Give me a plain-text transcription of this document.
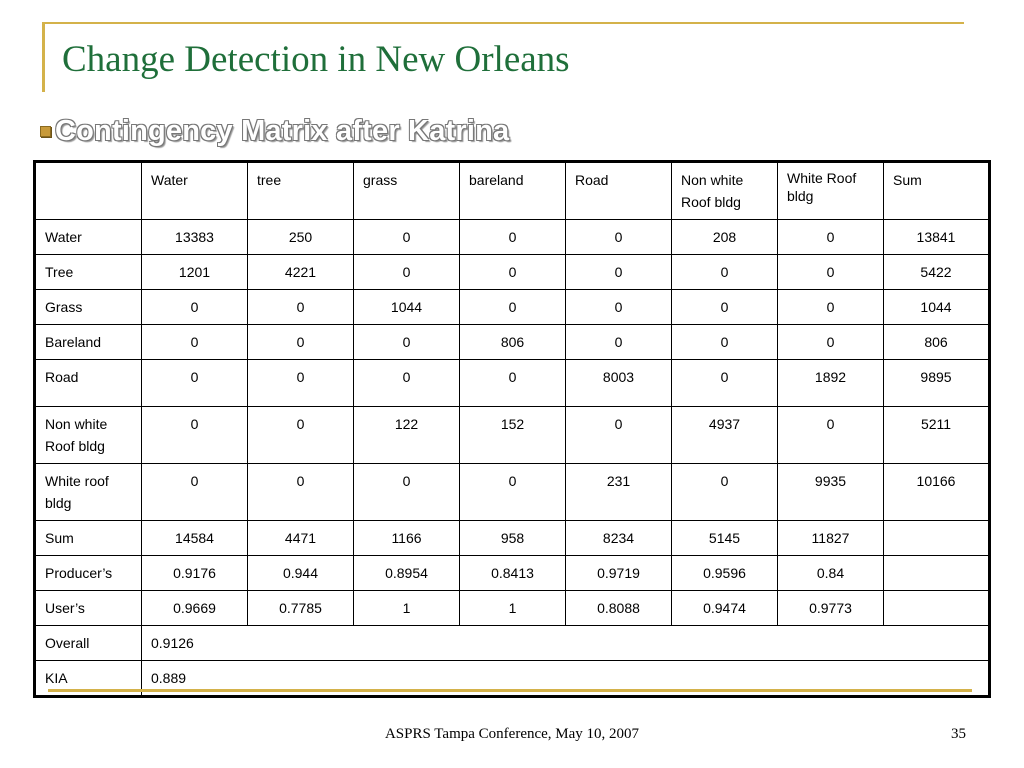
Change Detection in New Orleans
Contingency Matrix after Katrina
	Water	tree	grass	bareland	Road	Non white Roof bldg	White Roof bldg	Sum
Water	13383	250	0	0	0	208	0	13841
Tree	1201	4221	0	0	0	0	0	5422
Grass	0	0	1044	0	0	0	0	1044
Bareland	0	0	0	806	0	0	0	806
Road	0	0	0	0	8003	0	1892	9895
Non white Roof bldg	0	0	122	152	0	4937	0	5211
White roof bldg	0	0	0	0	231	0	9935	10166
Sum	14584	4471	1166	958	8234	5145	11827	
Producer’s	0.9176	0.944	0.8954	0.8413	0.9719	0.9596	0.84	
User’s	0.9669	0.7785	1	1	0.8088	0.9474	0.9773	
Overall	0.9126							
KIA	0.889							
ASPRS Tampa Conference, May 10, 2007	35
